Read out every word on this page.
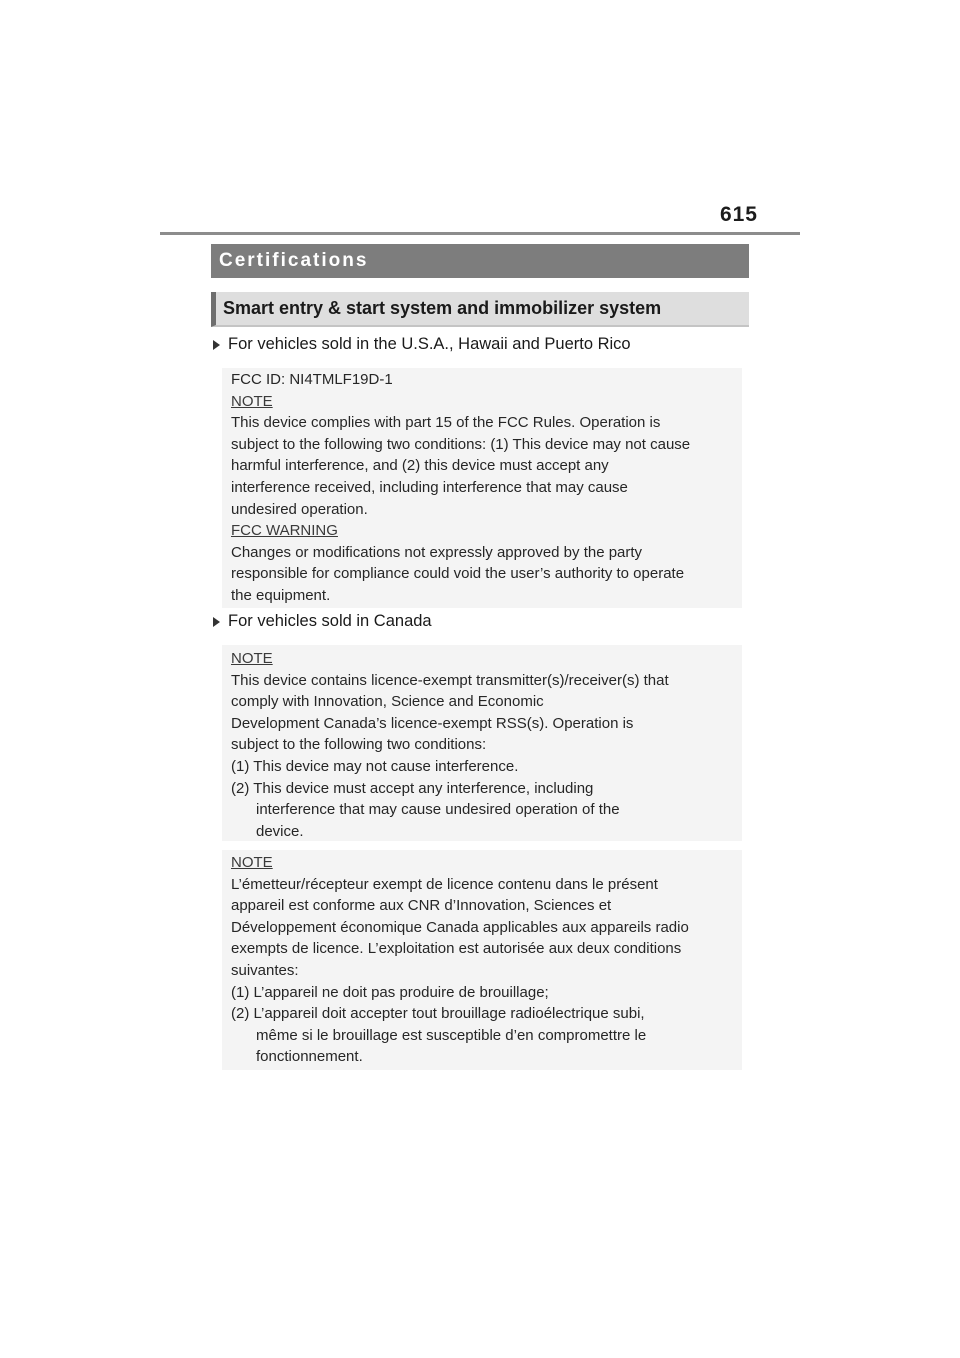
615
Certifications
Smart entry & start system and immobilizer system
For vehicles sold in the U.S.A., Hawaii and Puerto Rico

FCC ID: NI4TMLF19D-1

NOTE

This device complies with part 15 of the FCC Rules. Operation is

subject to the following two conditions: (1) This device may not cause

harmful interference, and (2) this device must accept any

interference received, including interference that may cause

undesired operation.

FCC WARNING

Changes or modifications not expressly approved by the party

responsible for compliance could void the user’s authority to operate

the equipment.

For vehicles sold in Canada

NOTE

This device contains licence-exempt transmitter(s)/receiver(s) that

comply with Innovation, Science and Economic

Development Canada’s licence-exempt RSS(s). Operation is

subject to the following two conditions:

(1) This device may not cause interference.

(2) This device must accept any interference, including

interference that may cause undesired operation of the

device.

NOTE

L’émetteur/récepteur exempt de licence contenu dans le présent

appareil est conforme aux CNR d’Innovation, Sciences et

Développement économique Canada applicables aux appareils radio

exempts de licence. L’exploitation est autorisée aux deux conditions

suivantes:

(1) L’appareil ne doit pas produire de brouillage;

(2) L’appareil doit accepter tout brouillage radioélectrique subi,

même si le brouillage est susceptible d’en compromettre le

fonctionnement.
